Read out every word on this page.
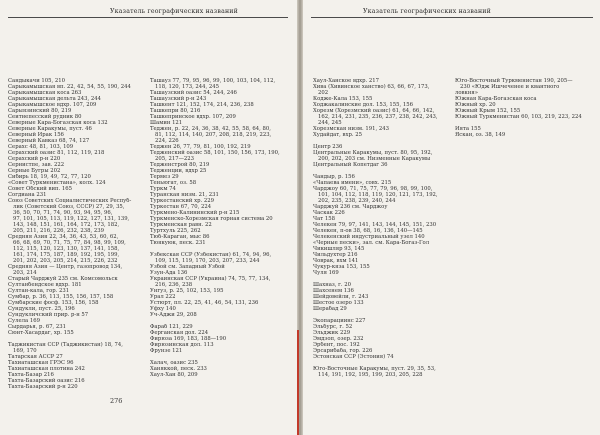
Указатель географических названий
Сандыкачи 105, 210
Сарыкамышская вп. 22, 42, 54, 55, 190, 244
Сарыкамышская коса 263
Сарыкамышская дельта 243, 244
Сарыкамышское вдхр. 107, 209
Сарыязинский 80, 219
Сеитнепесский рудник 80
Северные Кара-Богазская коса 132
Северные Каракумы, пуст. 46
Северный Ирак 156
Северный Кавказ 68, 74, 127
Серахс 48, 81, 103, 109
Серахский оазис 81, 112, 119, 218
Серахский р-н 220
Сернистпе, зав. 222
Серные Бугры 202
Сибирь 18, 19, 49, 72, 77, 120
«Совет Туркменистана», колх. 124
Совет Обский вип. 165
Согдиана 231
Союз Советских Социалистических Респуб-
лик (Советский Союз, СССР) 27, 29, 35,
36, 50, 70, 71, 74, 90, 93, 94, 95, 96,
97, 101, 105, 113, 119, 122, 127, 131, 139,
143, 148, 151, 161, 164, 172, 173, 182,
205, 211, 216, 226, 232, 238, 239
Средняя Азия 22, 34, 36, 43, 53, 60, 62,
66, 68, 69, 70, 71, 75, 77, 84, 98, 99, 109,
112, 115, 120, 123, 130, 137, 141, 158,
161, 174, 175, 187, 189, 192, 195, 199,
201, 202, 203, 205, 214, 215, 226, 232
Средняя Азия — Центр, газопровод 134,
203, 214
Старый Чарджуй 235 см. Комсомольск
Султанбендское вдхр. 181
Султан-кала, гор. 231
Сумбар, р. 36, 113, 155, 156, 157, 158
Сумбарские фосф. 153, 156, 158
Сундукли, пуст. 25, 196
Сундукличский прир. р-н 57
Сулела 169
Сырдарья, р. 67, 231
Сюнт-Хасардаг, хр. 155
Таджикистан ССР (Таджикистан) 18, 74,
169, 170
Татарская АССР 27
Тахиаташская ГРЭС 96
Тахиаташская плотина 242
Тахта-Базар 216
Тахта-Базарский оазис 216
Тахта-Базарский р-н 220
Ташауз 77, 79, 95, 96, 99, 100, 103, 104, 112,
118, 120, 173, 244, 245
Ташаузский оазис 54, 244, 246
Ташаузский р-н 243
Ташкент 121, 152, 174, 214, 236, 238
Ташкепри 80, 216
Ташкепринское вдхр. 107, 209
Шамин 121
Теджен, р. 22, 24, 36, 38, 42, 55, 58, 64, 80,
81, 112, 114, 140, 207, 208, 218, 219, 223,
224, 226
Теджен 26, 77, 79, 81, 100, 192, 219
Тедженский оазис 58, 101, 150, 156, 173, 190,
205, 217—223
Тедженстрой 80, 219
Тедженции, вдхр 25
Термез 29
Теньюгат, оз. 58
Туркм 74
Туранская низм. 21, 231
Туркестанский хр. 229
Туркестан 67, 70, 224
Туркмено-Калининский р-н 215
Туркменско-Хорезмская горная система 20
Туркменская равн. 22
Туртхуль 225, 262
Тюб-Караган, мыс 86
Тюякуюк, песк. 231
Узбекская ССР (Узбекистан) 61, 74, 94, 96,
109, 115, 119, 170, 203, 207, 233, 244
Узбой см. Западный Узбой
Узун-Ада 136
Украинская ССР (Украина) 74, 75, 77, 134,
216, 236, 238
Унгуз, р. 25, 102, 153, 195
Урал 222
Устюрт, пл. 22, 25, 41, 46, 54, 131, 236
Уфху 140
Уч-Аджи 29, 208
Фараб 121, 229
Ферганская дол. 224
Фирюза 169, 183, 188—190
Фирюзинская дол. 113
Фрунзе 121
Халач, оазис 235
Ханяккой, песк. 233
Хаул-Хан 80, 209
276
Указатель географических названий
Хаул-Ханское вдхр. 217
Хива (Хивинское ханство) 63, 66, 67, 173,
202
Кодже-Кала 153, 155
Ходжакалинские дол. 153, 155, 156
Хорезм (Хорезмский оазис) 61, 64, 66, 142,
162, 214, 231, 235, 236, 237, 238, 242, 243,
244, 245
Хорезмская низм. 191, 243
Худайдат, вхр. 25
Центр 236
Центральные Каракумы, пуст. 80, 95, 192,
200, 202, 203 см. Низменные Каракумы
Центральный Копетдаг 36
Чандыр, р. 156
«Чапаева имени», совх. 215
Чарджоу 60, 71, 75, 77, 79, 96, 98, 99, 100,
101, 104, 112, 118, 119, 120, 121, 173, 192,
202, 235, 238, 239, 240, 244
Чарджуй 236 см. Чарджоу
Часкак 226
Чат 158
Челекен 79, 97, 141, 143, 144, 145, 151, 230
Челекен, п-ов 38, 68, 16, 136, 140—145
Челекенский индустриальный узел 140
«Черные пески», зал. см. Кара-Богаз-Гол
Чикишляр 93, 145
Чильдухтер 216
Човрак, вхм 141
Чукур-кяза 153, 155
Чуля 169
Шахназ, г. 20
Шахсенем 136
Шейдовейли, г. 243
Шестое озеро 133
Шерабад 29
Экопарациинс 227
Эльбурс, г. 52
Эльджик 229
Эмдзоп, озер. 232
Эрбент, пос. 192
Эрсарибаба, гор. 226
Эстонская ССР (Эстония) 74
Юго-Восточные Каракумы, пуст. 29, 35, 53,
114, 191, 192, 195, 199, 203, 205, 228
Юго-Восточный Туркменистан 190, 205—
230 «Юдж Ишчеченее и квантного
ловкня»
Южная Кара-Богазская коса
Южный хр. 20
Южный Крым 152, 155
Южный Туркменистан 60, 103, 219, 223, 224
Ията 155
Яскан, оз. 38, 149
